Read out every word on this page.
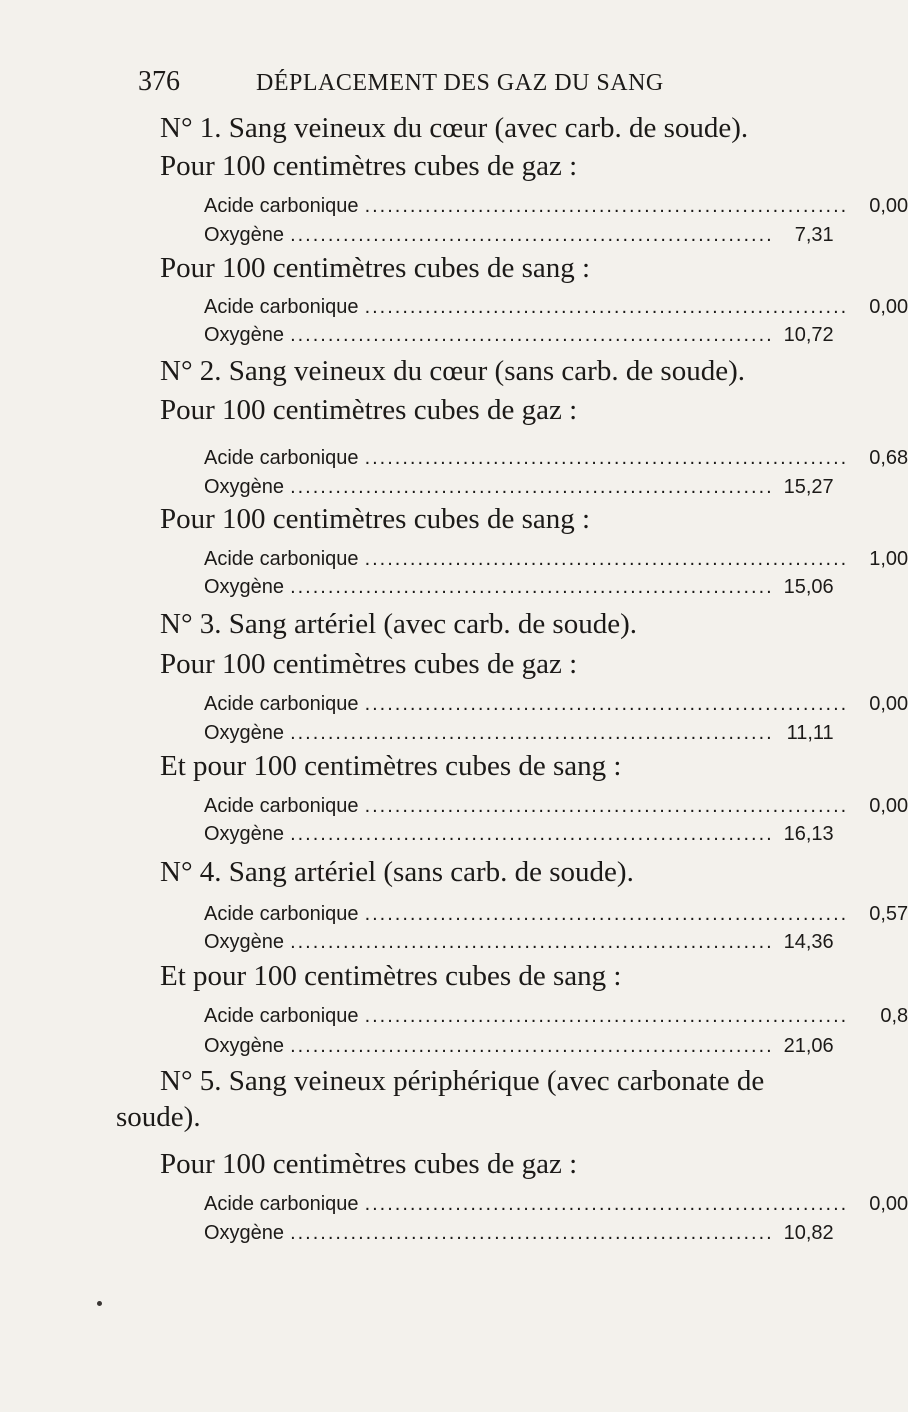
376	DÉPLACEMENT DES GAZ DU SANG
N° 1. Sang veineux du cœur (avec carb. de soude).
Pour 100 centimètres cubes de gaz :
Acide carbonique ................................................................	0,00
Oxygène ................................................................	7,31
Pour 100 centimètres cubes de sang :
Acide carbonique ................................................................	0,00
Oxygène ................................................................ 10,72
N° 2. Sang veineux du cœur (sans carb. de soude).
Pour 100 centimètres cubes de gaz :
Acide carbonique ................................................................	0,68
Oxygène ................................................................ 15,27
Pour 100 centimètres cubes de sang :
Acide carbonique ................................................................	1,00
Oxygène ................................................................ 15,06
N° 3. Sang artériel (avec carb. de soude).
Pour 100 centimètres cubes de gaz :
Acide carbonique ................................................................	0,00
Oxygène ................................................................ 11,11
Et pour 100 centimètres cubes de sang :
Acide carbonique ................................................................	0,00
Oxygène ................................................................ 16,13
N° 4. Sang artériel (sans carb. de soude).
Acide carbonique ................................................................	0,57
Oxygène ................................................................ 14,36
Et pour 100 centimètres cubes de sang :
Acide carbonique ................................................................	0,8
Oxygène ................................................................ 21,06
N° 5. Sang veineux périphérique (avec carbonate de
soude).
Pour 100 centimètres cubes de gaz :
Acide carbonique ................................................................	0,00
Oxygène ................................................................ 10,82
